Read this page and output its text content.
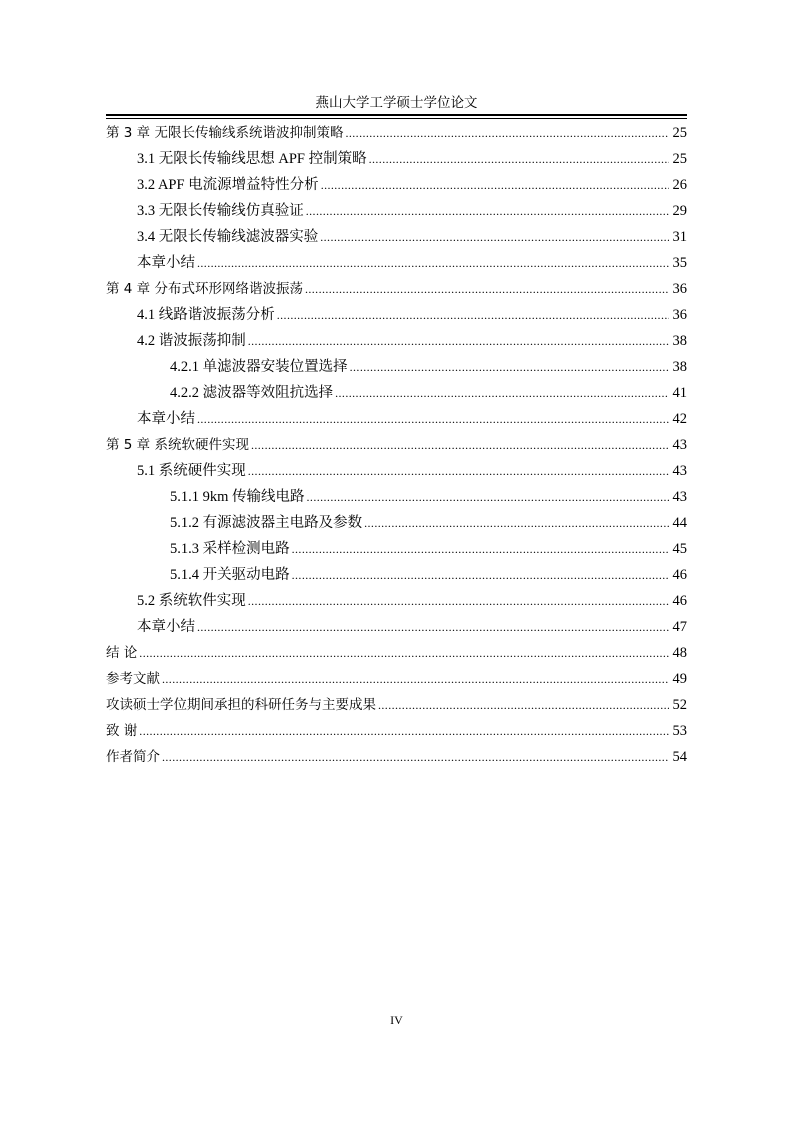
燕山大学工学硕士学位论文
第 3 章 无限长传输线系统谐波抑制策略 .....	25
3.1 无限长传输线思想 APF 控制策略 .....	25
3.2 APF 电流源增益特性分析 .....	26
3.3 无限长传输线仿真验证 .....	29
3.4 无限长传输线滤波器实验 .....	31
本章小结 .....	35
第 4 章 分布式环形网络谐波振荡 .....	36
4.1 线路谐波振荡分析 .....	36
4.2 谐波振荡抑制 .....	38
4.2.1 单滤波器安装位置选择 .....	38
4.2.2 滤波器等效阻抗选择 .....	41
本章小结 .....	42
第 5 章 系统软硬件实现 .....	43
5.1 系统硬件实现 .....	43
5.1.1 9km 传输线电路 .....	43
5.1.2 有源滤波器主电路及参数 .....	44
5.1.3 采样检测电路 .....	45
5.1.4 开关驱动电路 .....	46
5.2 系统软件实现 .....	46
本章小结 .....	47
结 论 .....	48
参考文献 .....	49
攻读硕士学位期间承担的科研任务与主要成果 .....	52
致 谢 .....	53
作者简介 .....	54
IV
